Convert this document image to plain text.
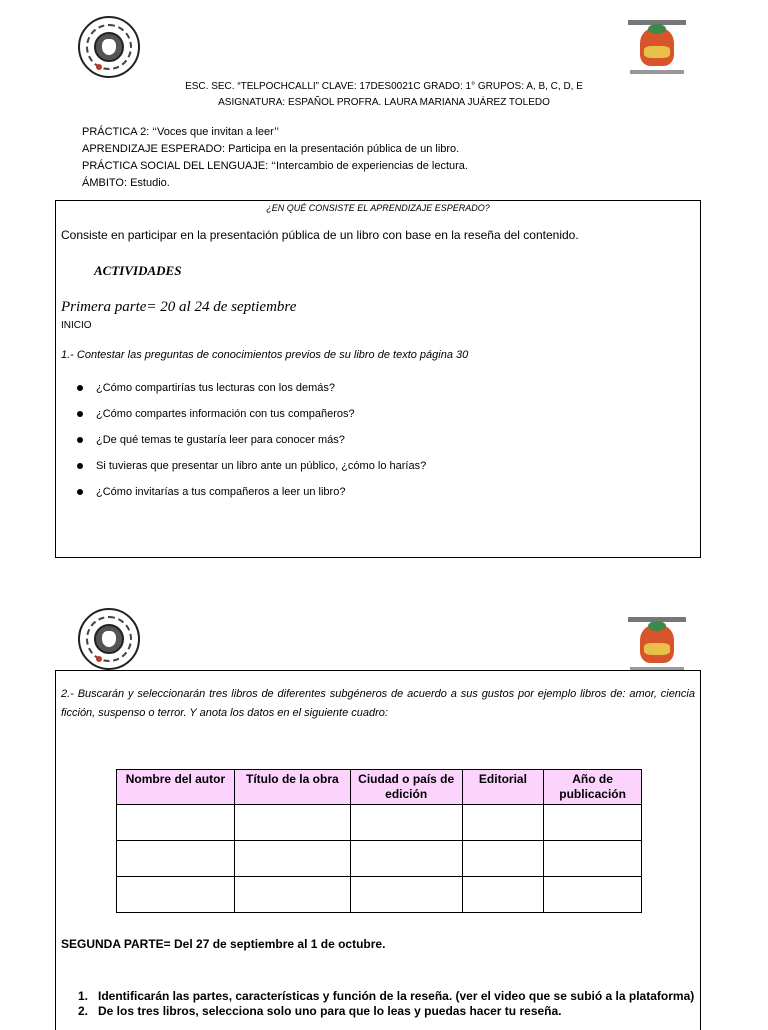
ESC. SEC. “TELPOCHCALLI” CLAVE: 17DES0021C GRADO: 1° GRUPOS: A, B, C, D, E
ASIGNATURA: ESPAÑOL PROFRA. LAURA MARIANA JUÁREZ TOLEDO
PRÁCTICA 2: ‘‘Voces que invitan a leer’’
APRENDIZAJE ESPERADO: Participa en la presentación pública de un libro.
PRÁCTICA SOCIAL DEL LENGUAJE: ‘‘Intercambio de experiencias de lectura.
ÁMBITO: Estudio.
¿EN QUÉ CONSISTE EL APRENDIZAJE ESPERADO?
Consiste en participar en la presentación pública de un libro con base en la reseña del contenido.
ACTIVIDADES
Primera parte= 20 al 24 de septiembre
INICIO
1.- Contestar las preguntas de conocimientos previos de su libro de texto página 30
¿Cómo compartirías tus lecturas con los demás?
¿Cómo compartes información con tus compañeros?
¿De qué temas te gustaría leer para conocer más?
Si tuvieras que presentar un libro ante un público, ¿cómo lo harías?
¿Cómo invitarías a tus compañeros a leer un libro?
2.- Buscarán y seleccionarán tres libros de diferentes subgéneros de acuerdo a sus gustos por ejemplo libros de: amor, ciencia ficción, suspenso o terror. Y anota los datos en el siguiente cuadro:
Nombre del autor	Título de la obra	Ciudad o país de edición	Editorial	Año de publicación

SEGUNDA PARTE= Del 27 de septiembre al 1 de octubre.
1. Identificarán las partes, características y función de la reseña. (ver el video que se subió a la plataforma)
2. De los tres libros, selecciona solo uno para que lo leas y puedas hacer tu reseña.
